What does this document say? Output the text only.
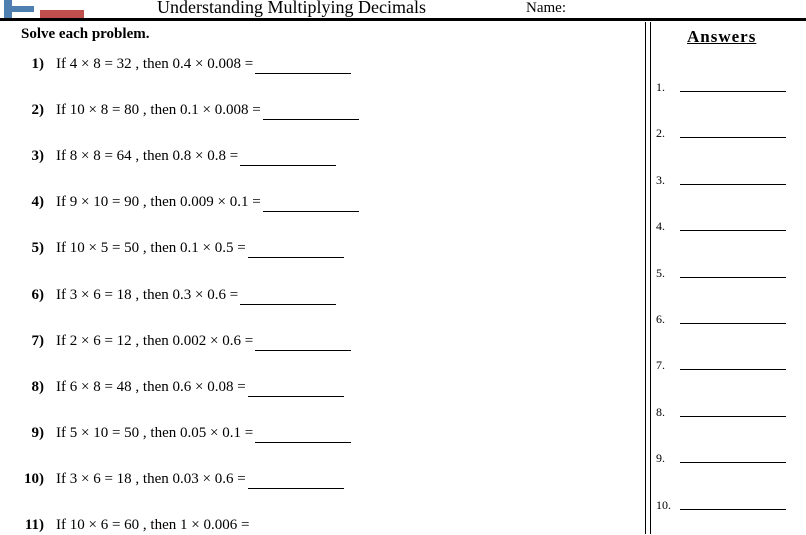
Understanding Multiplying Decimals	Name:
Solve each problem.
1) If 4 × 8 = 32 , then 0.4 × 0.008 =
2) If 10 × 8 = 80 , then 0.1 × 0.008 =
3) If 8 × 8 = 64 , then 0.8 × 0.8 =
4) If 9 × 10 = 90 , then 0.009 × 0.1 =
5) If 10 × 5 = 50 , then 0.1 × 0.5 =
6) If 3 × 6 = 18 , then 0.3 × 0.6 =
7) If 2 × 6 = 12 , then 0.002 × 0.6 =
8) If 6 × 8 = 48 , then 0.6 × 0.08 =
9) If 5 × 10 = 50 , then 0.05 × 0.1 =
10) If 3 × 6 = 18 , then 0.03 × 0.6 =
11) If 10 × 6 = 60 , then 1 × 0.006 =
Answers
1.
2.
3.
4.
5.
6.
7.
8.
9.
10.
